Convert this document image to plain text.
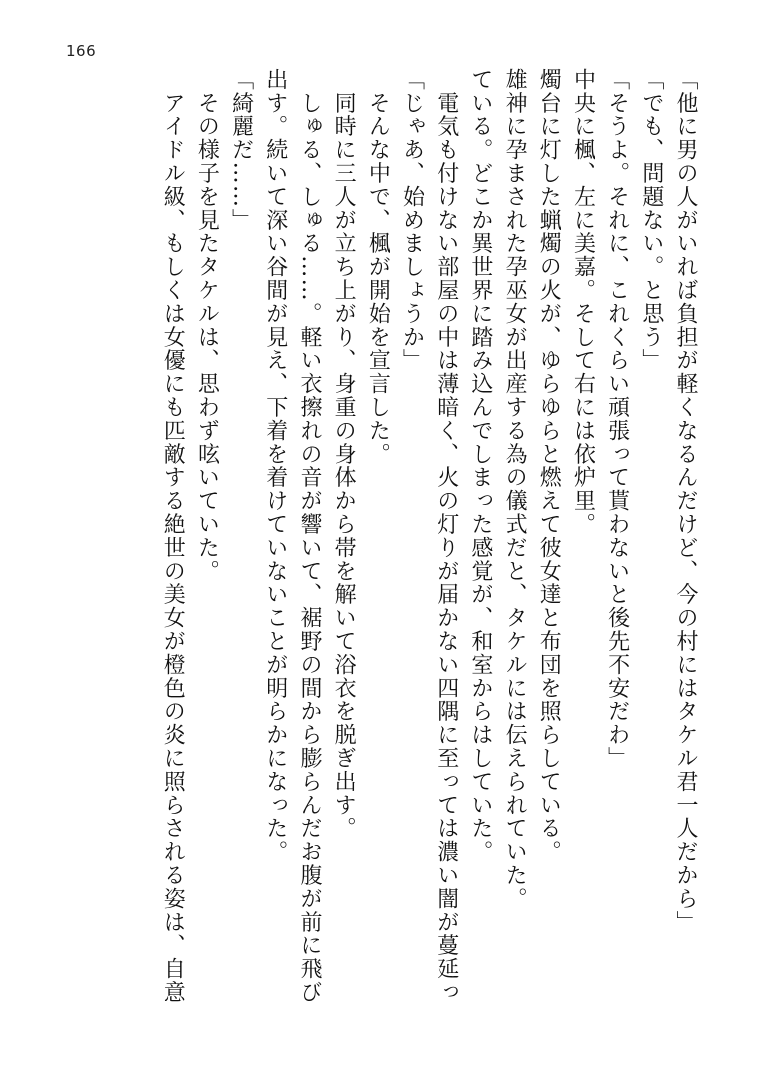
166
「他に男の人がいれば負担が軽くなるんだけど、今の村にはタケル君一人だから」
「でも、問題ない。と思う」
「そうよ。それに、これくらい頑張って貰わないと後先不安だわ」
中央に楓、左に美嘉。そして右には依炉里。
燭台に灯した蝋燭の火が、ゆらゆらと燃えて彼女達と布団を照らしている。
雄神に孕まされた孕巫女が出産する為の儀式だと、タケルには伝えられていた。
ている。どこか異世界に踏み込んでしまった感覚が、和室からはしていた。
　電気も付けない部屋の中は薄暗く、火の灯りが届かない四隅に至っては濃い闇が蔓延っ
「じゃあ、始めましょうか」
　そんな中で、楓が開始を宣言した。
　同時に三人が立ち上がり、身重の身体から帯を解いて浴衣を脱ぎ出す。
　しゅる、しゅる……。軽い衣擦れの音が響いて、裾野の間から膨らんだお腹が前に飛び
出す。続いて深い谷間が見え、下着を着けていないことが明らかになった。
「綺麗だ……」
　その様子を見たタケルは、思わず呟いていた。
　アイドル級、もしくは女優にも匹敵する絶世の美女が橙色の炎に照らされる姿は、自意
